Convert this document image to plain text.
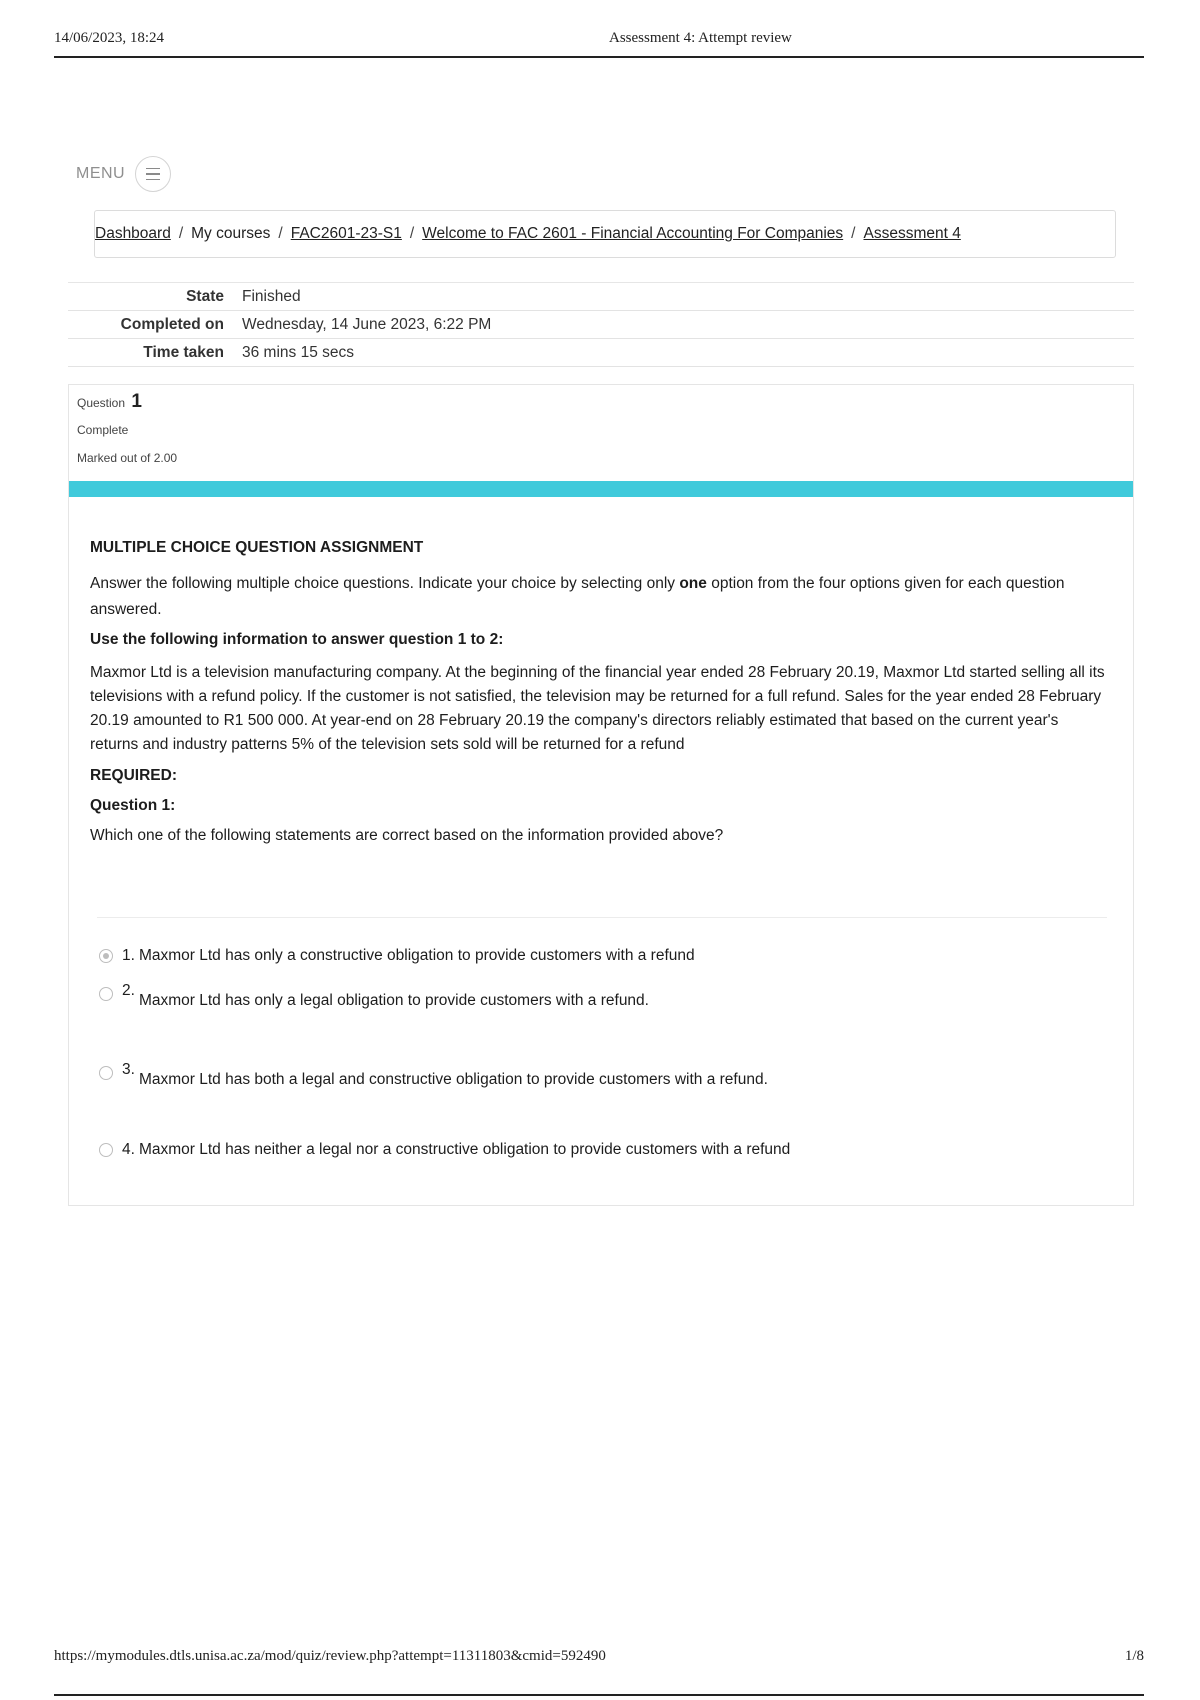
14/06/2023, 18:24	Assessment 4: Attempt review
MENU
Dashboard / My courses / FAC2601-23-S1 / Welcome to FAC 2601 - Financial Accounting For Companies / Assessment 4
State Finished
Completed on Wednesday, 14 June 2023, 6:22 PM
Time taken 36 mins 15 secs
Question 1
Complete
Marked out of 2.00
MULTIPLE CHOICE QUESTION ASSIGNMENT

Answer the following multiple choice questions. Indicate your choice by selecting only one option from the four options given for each question answered.

Use the following information to answer question 1 to 2:
Maxmor Ltd is a television manufacturing company. At the beginning of the financial year ended 28 February 20.19, Maxmor Ltd started selling all its televisions with a refund policy. If the customer is not satisfied, the television may be returned for a full refund. Sales for the year ended 28 February 20.19 amounted to R1 500 000. At year-end on 28 February 20.19 the company's directors reliably estimated that based on the current year's returns and industry patterns 5% of the television sets sold will be returned for a refund
REQUIRED:
Question 1:
Which one of the following statements are correct based on the information provided above?
1. Maxmor Ltd has only a constructive obligation to provide customers with a refund
2.
Maxmor Ltd has only a legal obligation to provide customers with a refund.
3.
Maxmor Ltd has both a legal and constructive obligation to provide customers with a refund.
4. Maxmor Ltd has neither a legal nor a constructive obligation to provide customers with a refund
https://mymodules.dtls.unisa.ac.za/mod/quiz/review.php?attempt=11311803&cmid=592490	1/8
